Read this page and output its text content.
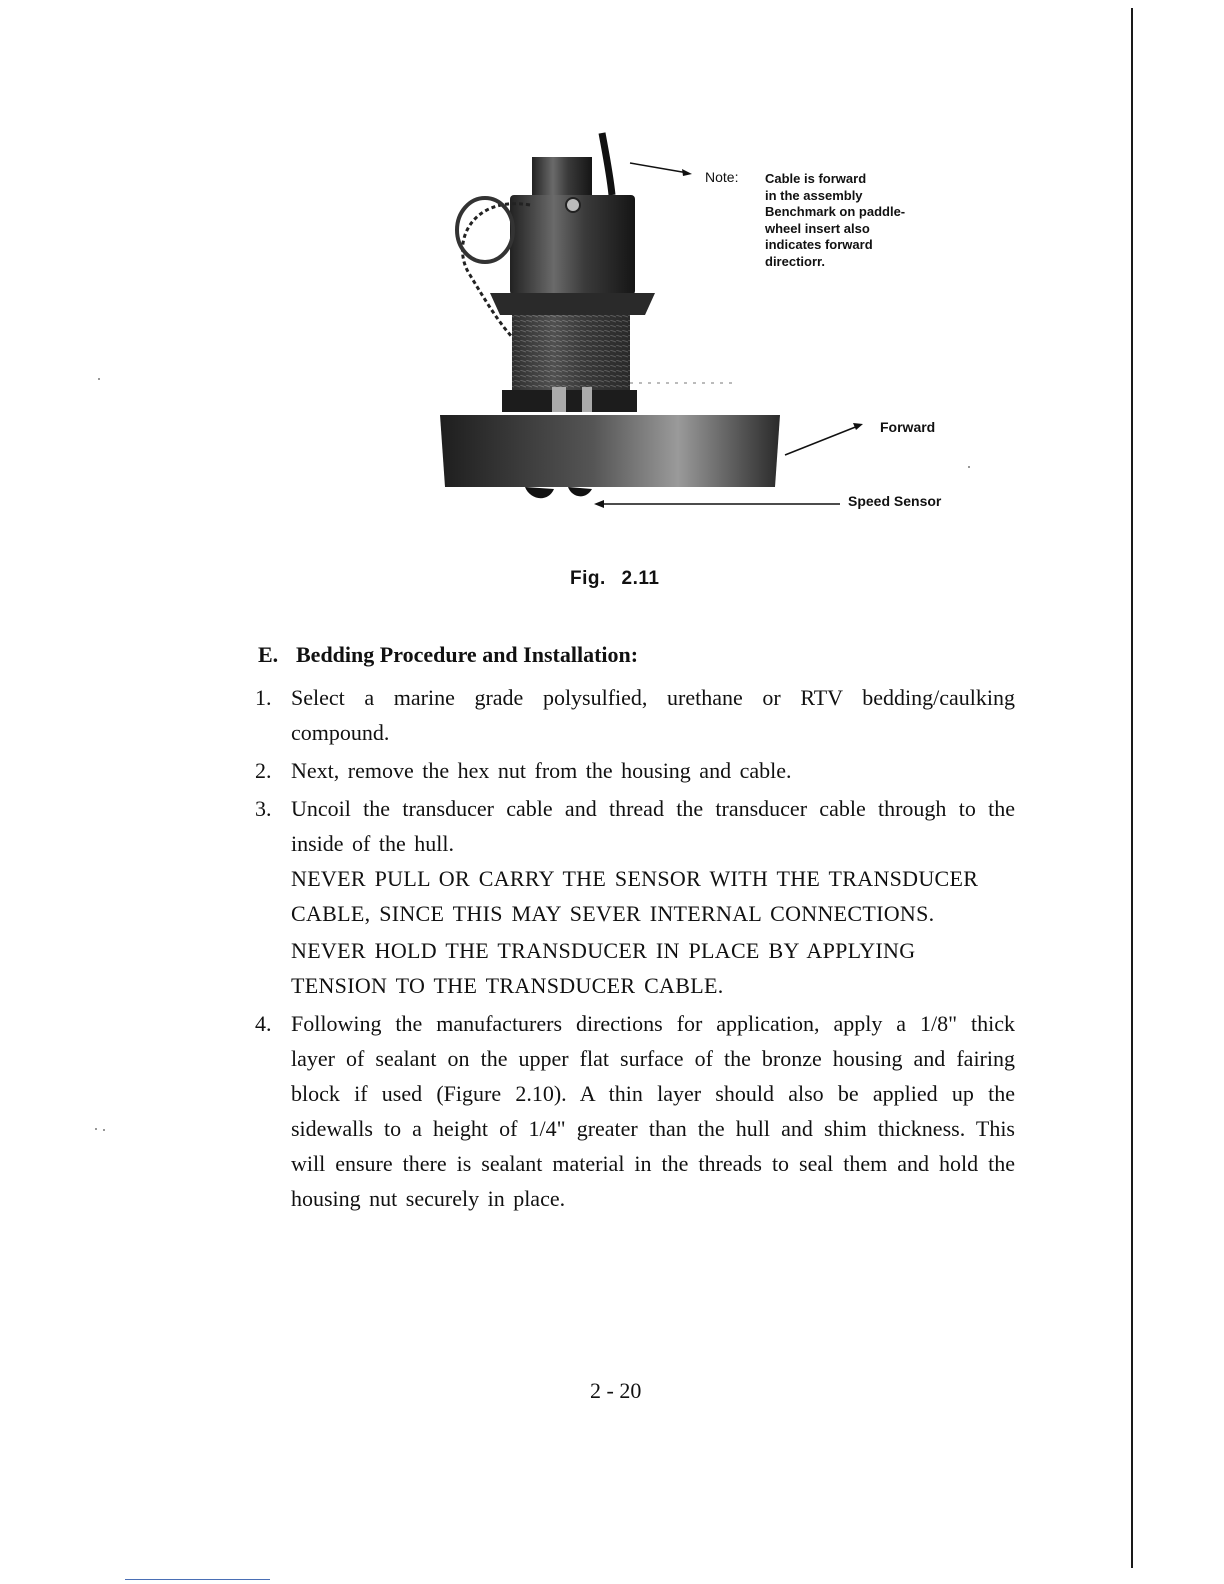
Note: Cable is forward
in the assembly
Benchmark on paddle-
wheel insert also
indicates forward
directiorr.
Forward
Speed Sensor
Fig. 2.11
E. Bedding Procedure and Installation:
1. Select a marine grade polysulfied, urethane or RTV bedding/caulking compound.
2. Next, remove the hex nut from the housing and cable.
3. Uncoil the transducer cable and thread the transducer cable through to the inside of the hull.
NEVER PULL OR CARRY THE SENSOR WITH THE TRANSDUCER CABLE, SINCE THIS MAY SEVER INTERNAL CONNECTIONS.
NEVER HOLD THE TRANSDUCER IN PLACE BY APPLYING TENSION TO THE TRANSDUCER CABLE.
4. Following the manufacturers directions for application, apply a 1/8" thick layer of sealant on the upper flat surface of the bronze housing and fairing block if used (Figure 2.10). A thin layer should also be applied up the sidewalls to a height of 1/4" greater than the hull and shim thickness. This will ensure there is sealant material in the threads to seal them and hold the housing nut securely in place.
2 - 20
